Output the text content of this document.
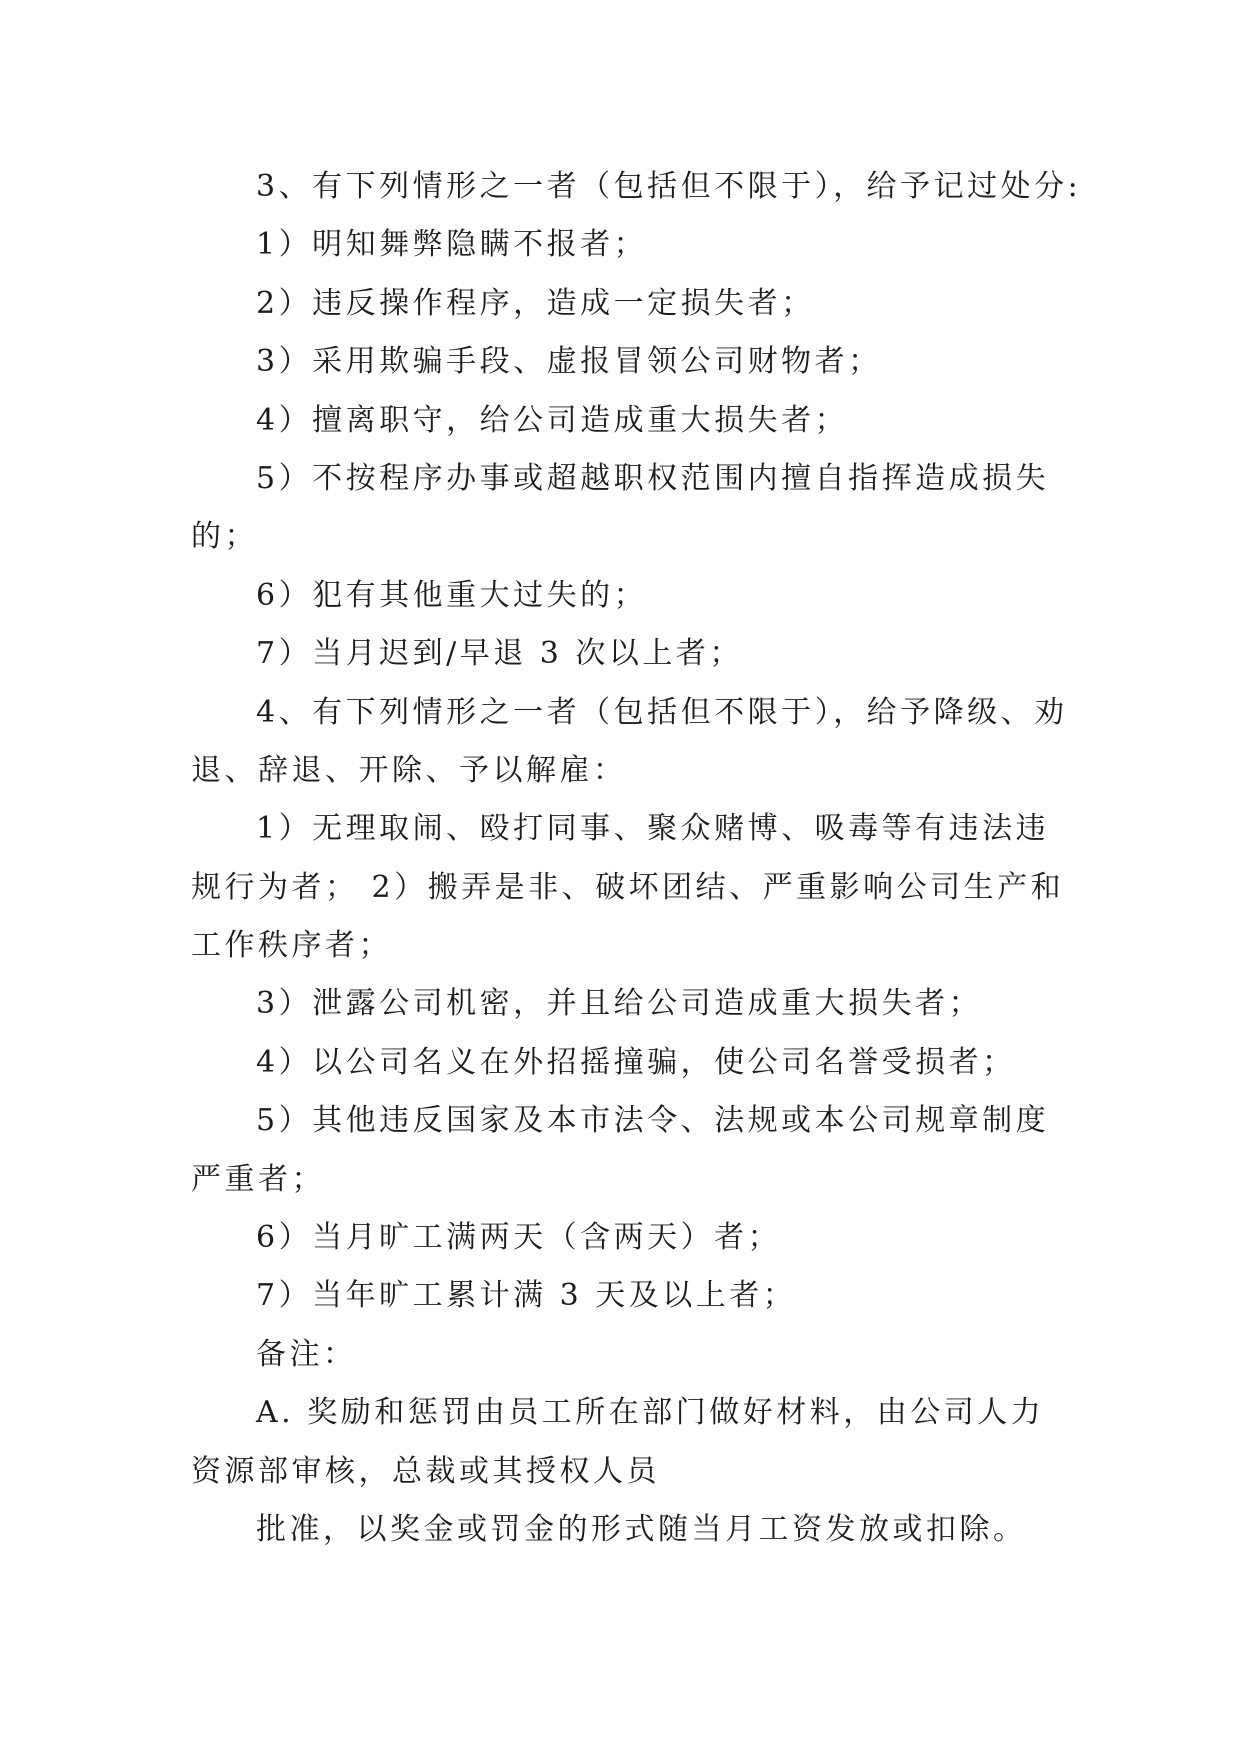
3、有下列情形之一者（包括但不限于），给予记过处分:
1）明知舞弊隐瞒不报者；
2）违反操作程序，造成一定损失者；
3）采用欺骗手段、虚报冒领公司财物者；
4）擅离职守，给公司造成重大损失者；
5）不按程序办事或超越职权范围内擅自指挥造成损失
的；
6）犯有其他重大过失的；
7）当月迟到/早退 3 次以上者；
4、有下列情形之一者（包括但不限于），给予降级、劝
退、辞退、开除、予以解雇：
1）无理取闹、殴打同事、聚众赌博、吸毒等有违法违
规行为者； 2）搬弄是非、破坏团结、严重影响公司生产和
工作秩序者；
3）泄露公司机密，并且给公司造成重大损失者；
4）以公司名义在外招摇撞骗，使公司名誉受损者；
5）其他违反国家及本市法令、法规或本公司规章制度
严重者；
6）当月旷工满两天（含两天）者；
7）当年旷工累计满 3 天及以上者；
备注：
A. 奖励和惩罚由员工所在部门做好材料，由公司人力
资源部审核，总裁或其授权人员
批准，以奖金或罚金的形式随当月工资发放或扣除。
